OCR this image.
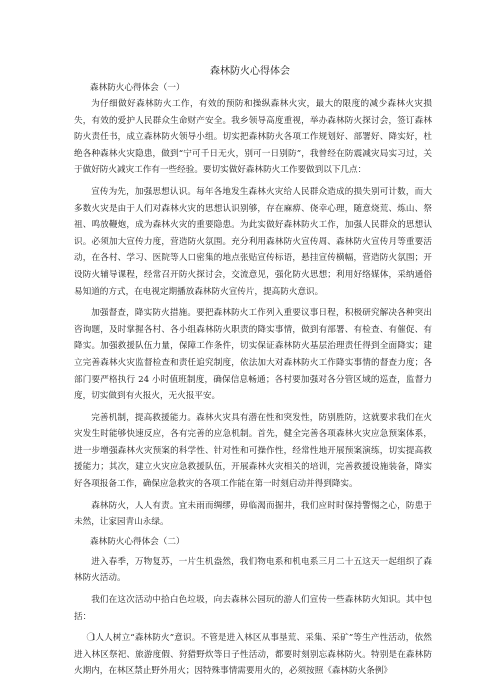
森林防火心得体会
森林防火心得体会（一）

为仔细做好森林防火工作，有效的预防和操纵森林火灾，最大的限度的减少森林火灾损失，有效的爱护人民群众生命财产安全。我乡领导高度重视，举办森林防火探讨会，签订森林防火责任书，成立森林防火领导小组。切实把森林防火各项工作规划好、部署好、降实好，杜绝各种森林火灾隐患，做到“宁可千日无火，别可一日别防”，我曾经在防震减灾局实习过，关于做好防火减灾工作有一些经验。要切实做好森林防火工作要做到以下几点：

宣传为先，加强思想认识。每年各地发生森林火灾给人民群众造成的损失别可计数，而大多数火灾是由于人们对森林火灾的思想认识别够，存在麻痹、侥幸心理，随意烧荒、炼山、祭祖、鸣放鞭炮，成为森林火灾的重要隐患。为此实做好森林防火工作，加强人民群众的思想认识。必须加大宣传力度，营造防火氛围。充分利用森林防火宣传周、森林防火宣传月等重要活动，在各村、学习、医院等人口密集的地点张贴宣传标语，悬挂宣传横幅，营造防火氛围；开设防火辅导课程，经常召开防火探讨会，交流意见，强化防火思想；利用好络媒体，采纳通俗易知道的方式，在电视定期播放森林防火宣传片，提高防火意识。

加强督查，降实防火措施。要把森林防火工作列入重要议事日程，积极研究解决各种突出咨询题，及时掌握各村、各小组森林防火职责的降实事情，做到有部署、有检查、有催促、有降实。加强救援队伍力量，保障工作条件，切实保证森林防火基层治理责任得到全面降实；建立完善森林火灾监督检查和责任追究制度，依法加大对森林防火工作降实事情的督查力度；各部门要严格执行 24 小时值班制度，确保信息畅通；各村要加强对各分管区域的巡查，监督力度，切实做到有火报火，无火报平安。

完善机制，提高救援能力。森林火灾具有潜在性和突发性，防别胜防，这就要求我们在火灾发生时能够快速反应，各有完善的应急机制。首先，健全完善各项森林火灾应急预案体系，进一步增强森林火灾预案的科学性、针对性和可操作性，经常性地开展预案演练，切实提高救援能力；其次，建立火灾应急救援队伍，开展森林火灾相关的培训，完善救援设施装备，降实好各项报备工作，确保应急救灾的各项工作能在第一时刻启动并得到降实。

森林防火，人人有责。宜未雨而绸缪，毋临渴而掘井，我们应时时保持警惕之心，防患于未然，让家园青山永绿。

森林防火心得体会（二）

进入春季，万物复苏，一片生机盎然，我们物电系和机电系三月二十五这天一起组织了森林防火活动。

我们在这次活动中拾白色垃圾，向去森林公园玩的游人们宣传一些森林防火知识。其中包括：

1⃝人人树立“森林防火”意识。不管是进入林区从事垦荒、采集、采矿”等生产性活动，依然进入林区祭祀、旅游度假、狩猎野炊等日子性活动，都要时刻别忘森林防火。特别是在森林防火期内，在林区禁止野外用火；因特殊事情需要用火的，必须按照《森林防火条例》
